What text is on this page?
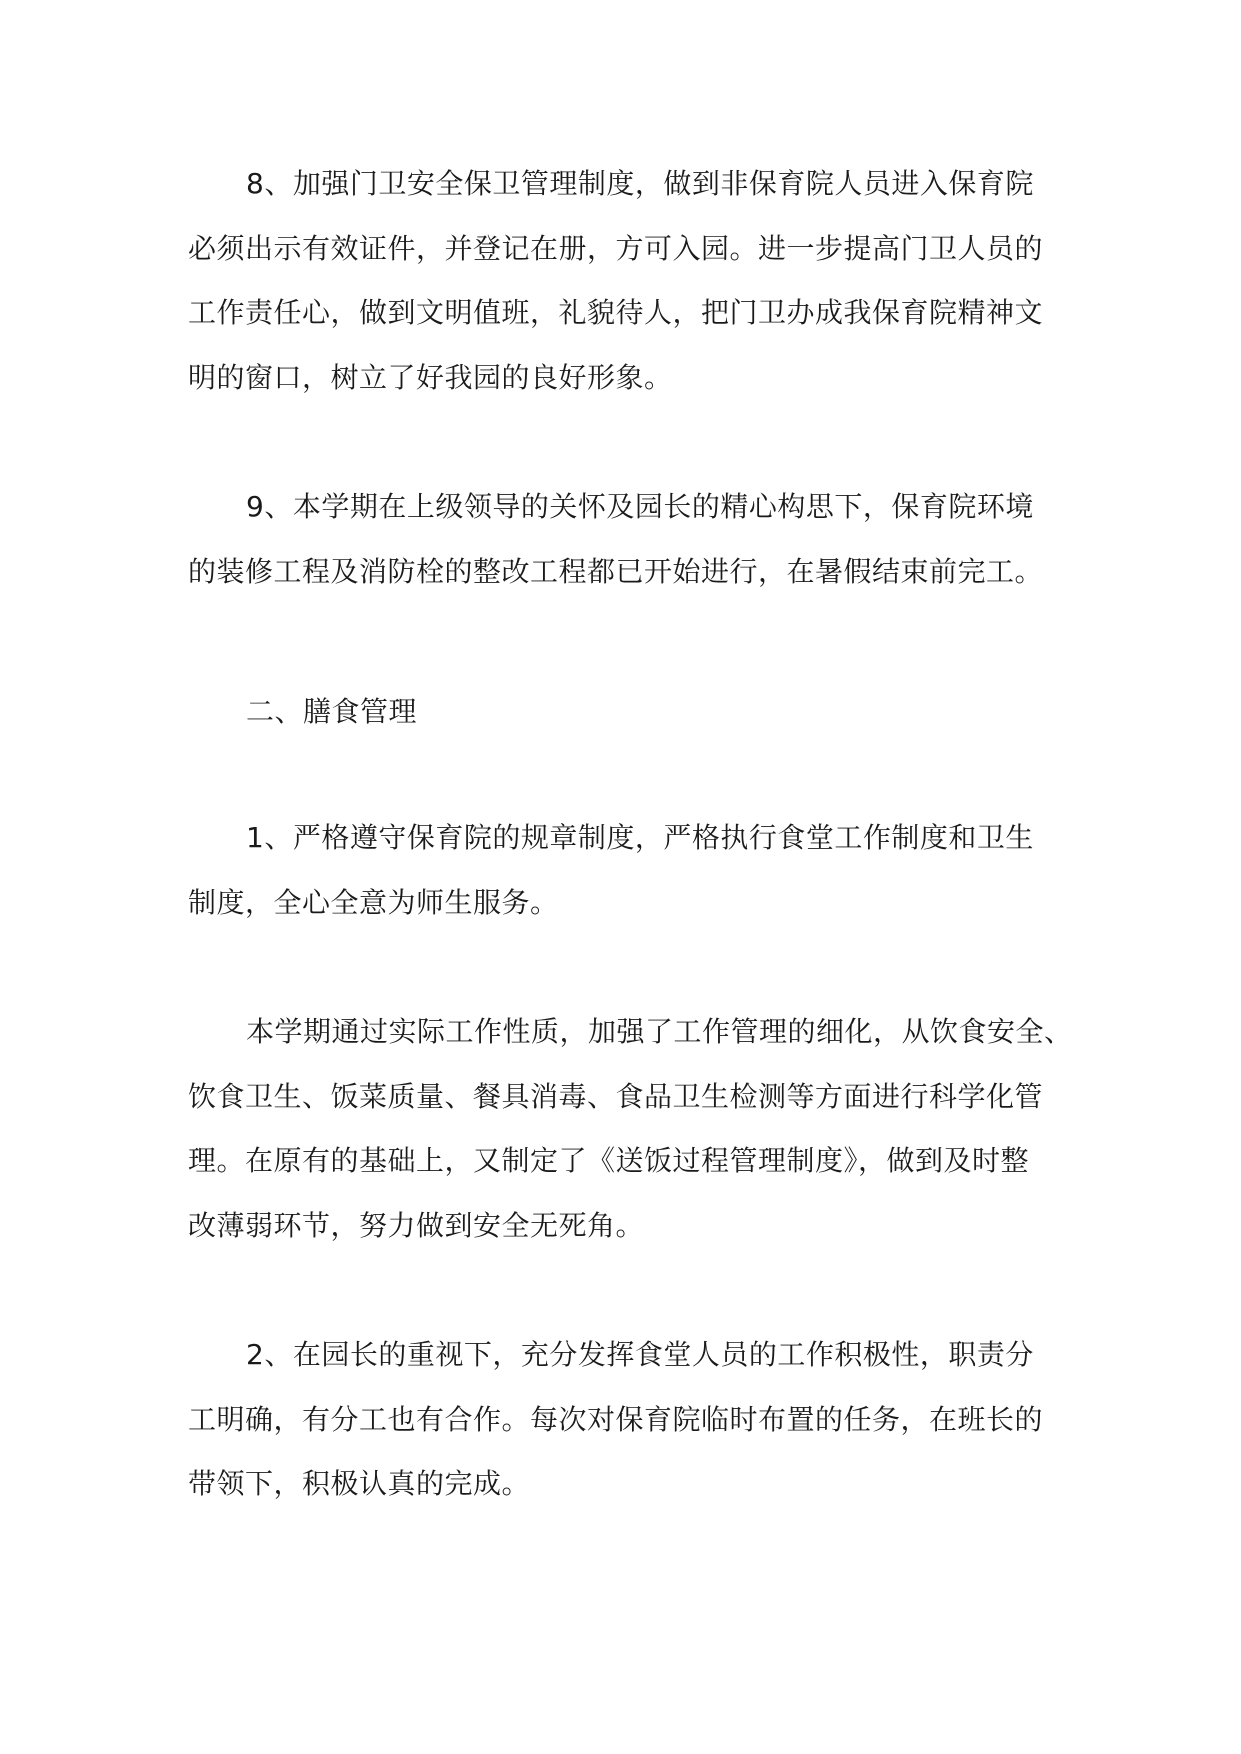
8、加强门卫安全保卫管理制度，做到非保育院人员进入保育院
必须出示有效证件，并登记在册，方可入园。进一步提高门卫人员的
工作责任心，做到文明值班，礼貌待人，把门卫办成我保育院精神文
明的窗口，树立了好我园的良好形象。
9、本学期在上级领导的关怀及园长的精心构思下，保育院环境
的装修工程及消防栓的整改工程都已开始进行，在暑假结束前完工。
二、膳食管理
1、严格遵守保育院的规章制度，严格执行食堂工作制度和卫生
制度，全心全意为师生服务。
本学期通过实际工作性质，加强了工作管理的细化，从饮食安全、
饮食卫生、饭菜质量、餐具消毒、食品卫生检测等方面进行科学化管
理。在原有的基础上，又制定了《送饭过程管理制度》，做到及时整
改薄弱环节，努力做到安全无死角。
2、在园长的重视下，充分发挥食堂人员的工作积极性，职责分
工明确，有分工也有合作。每次对保育院临时布置的任务，在班长的
带领下，积极认真的完成。
